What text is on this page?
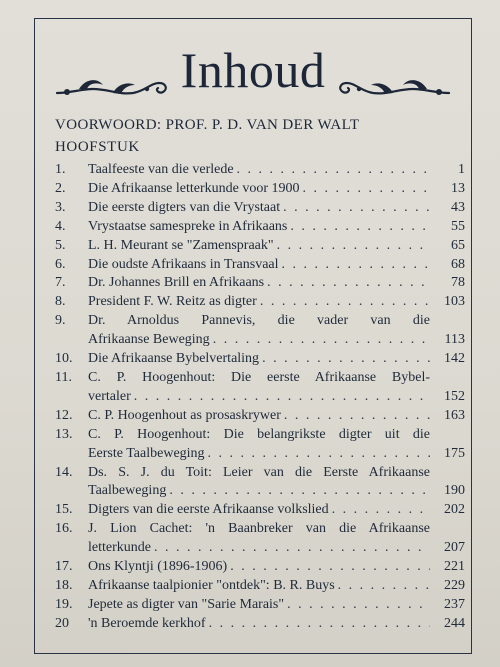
Inhoud
VOORWOORD: PROF. P. D. VAN DER WALT
HOOFSTUK
1.	Taalfeeste van die verlede . . .	1
2.	Die Afrikaanse letterkunde voor 1900 . . .	13
3.	Die eerste digters van die Vrystaat . . .	43
4.	Vrystaatse samespreke in Afrikaans . . .	55
5.	L. H. Meurant se "Zamenspraak" . . .	65
6.	Die oudste Afrikaans in Transvaal . . .	68
7.	Dr. Johannes Brill en Afrikaans . . .	78
8.	President F. W. Reitz as digter . . .	103
9.	Dr. Arnoldus Pannevis, die vader van die
Afrikaanse Beweging . . .	113
10.	Die Afrikaanse Bybelvertaling . . .	142
11.	C. P. Hoogenhout: Die eerste Afrikaanse Bybel-
vertaler . . .	152
12.	C. P. Hoogenhout as prosaskrywer . . .	163
13.	C. P. Hoogenhout: Die belangrikste digter uit die
Eerste Taalbeweging . . .	175
14.	Ds. S. J. du Toit: Leier van die Eerste Afrikaanse
Taalbeweging . . .	190
15.	Digters van die eerste Afrikaanse volkslied . . .	202
16.	J. Lion Cachet: 'n Baanbreker van die Afrikaanse
letterkunde . . .	207
17.	Ons Klyntji (1896-1906) . . .	221
18.	Afrikaanse taalpionier "ontdek": B. R. Buys . . .	229
19.	Jepete as digter van "Sarie Marais" . . .	237
20	'n Beroemde kerkhof . . .	244
